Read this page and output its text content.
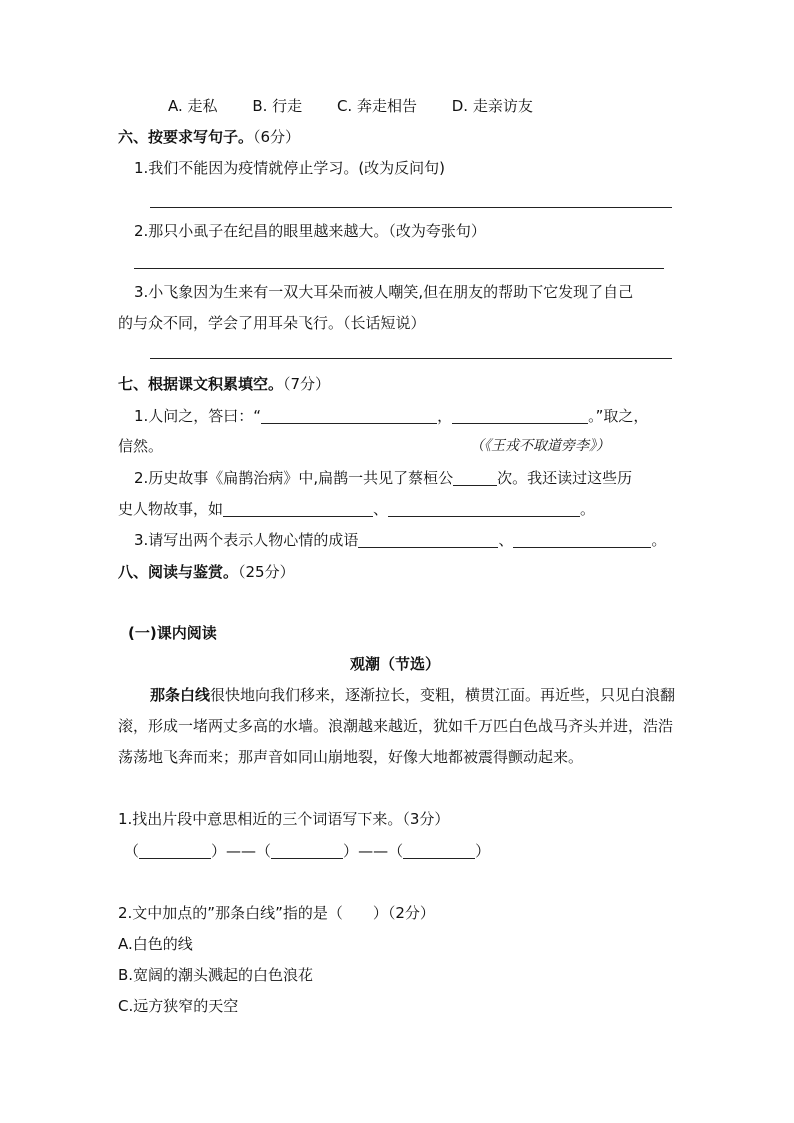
A. 走私 B. 行走 C. 奔走相告 D. 走亲访友
六、按要求写句子。（6分）
1.我们不能因为疫情就停止学习。(改为反问句)
2.那只小虱子在纪昌的眼里越来越大。（改为夸张句）
3.小飞象因为生来有一双大耳朵而被人嘲笑,但在朋友的帮助下它发现了自己
的与众不同，学会了用耳朵飞行。（长话短说）
七、根据课文积累填空。（7分）
1.人问之，答曰：“	，	。”取之，
信然。	（《王戎不取道旁李》）
2.历史故事《扁鹊治病》中,扁鹊一共见了蔡桓公	次。我还读过这些历
史人物故事，如	、	。
3.请写出两个表示人物心情的成语	、	。
八、阅读与鉴赏。（25分）
(一)课内阅读
观潮（节选）
那条白线很快地向我们移来，逐渐拉长，变粗，横贯江面。再近些，只见白浪翻滚，形成一堵两丈多高的水墙。浪潮越来越近，犹如千万匹白色战马齐头并进，浩浩荡荡地飞奔而来；那声音如同山崩地裂，好像大地都被震得颤动起来。
1.找出片段中意思相近的三个词语写下来。（3分）
（	）——（	）——（	）
2.文中加点的”那条白线”指的是（　　）（2分）
A.白色的线
B.宽阔的潮头溅起的白色浪花
C.远方狭窄的天空
